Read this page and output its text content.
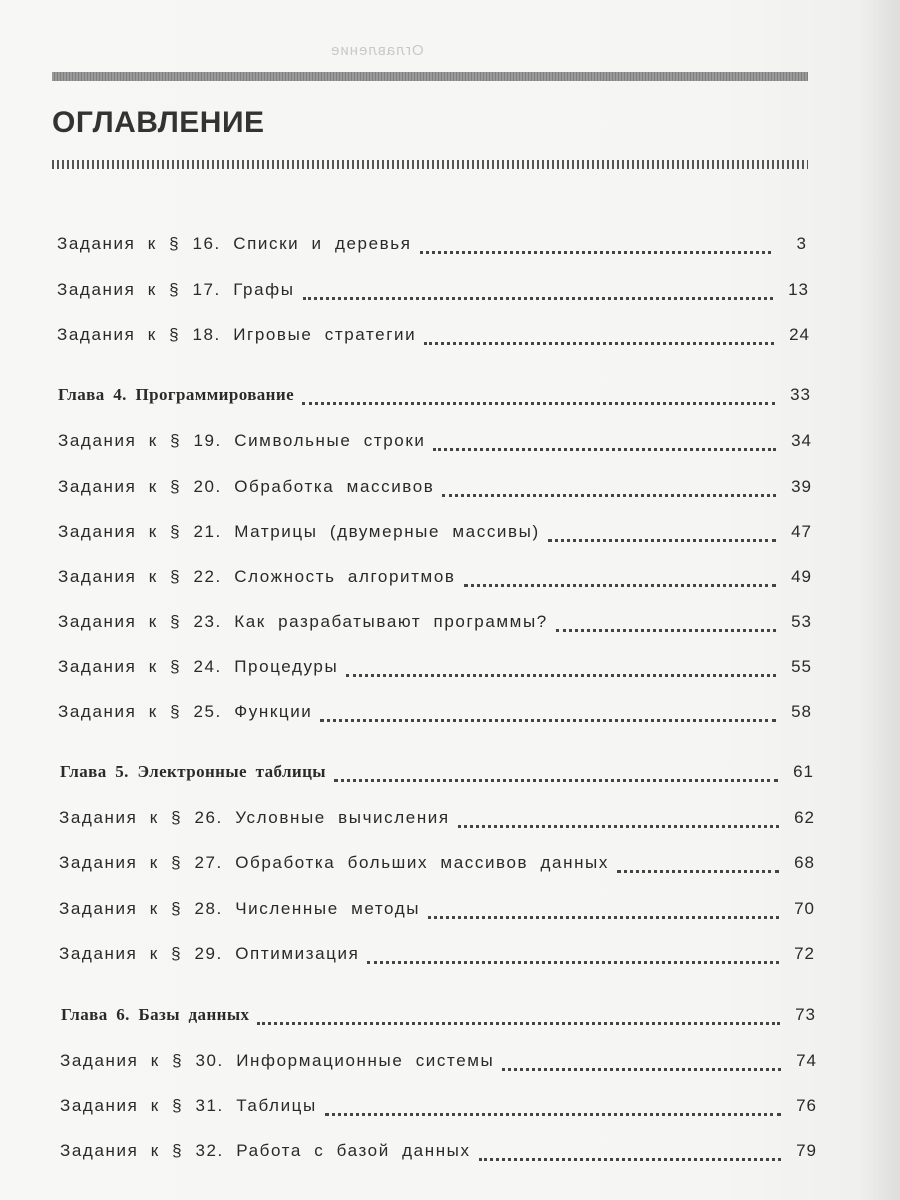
Оглавление
ОГЛАВЛЕНИЕ
Задания к § 16. Списки и деревья	3
Задания к § 17. Графы	13
Задания к § 18. Игровые стратегии	24
Глава 4. Программирование	33
Задания к § 19. Символьные строки	34
Задания к § 20. Обработка массивов	39
Задания к § 21. Матрицы (двумерные массивы)	47
Задания к § 22. Сложность алгоритмов	49
Задания к § 23. Как разрабатывают программы?	53
Задания к § 24. Процедуры	55
Задания к § 25. Функции	58
Глава 5. Электронные таблицы	61
Задания к § 26. Условные вычисления	62
Задания к § 27. Обработка больших массивов данных	68
Задания к § 28. Численные методы	70
Задания к § 29. Оптимизация	72
Глава 6. Базы данных	73
Задания к § 30. Информационные системы	74
Задания к § 31. Таблицы	76
Задания к § 32. Работа с базой данных	79
